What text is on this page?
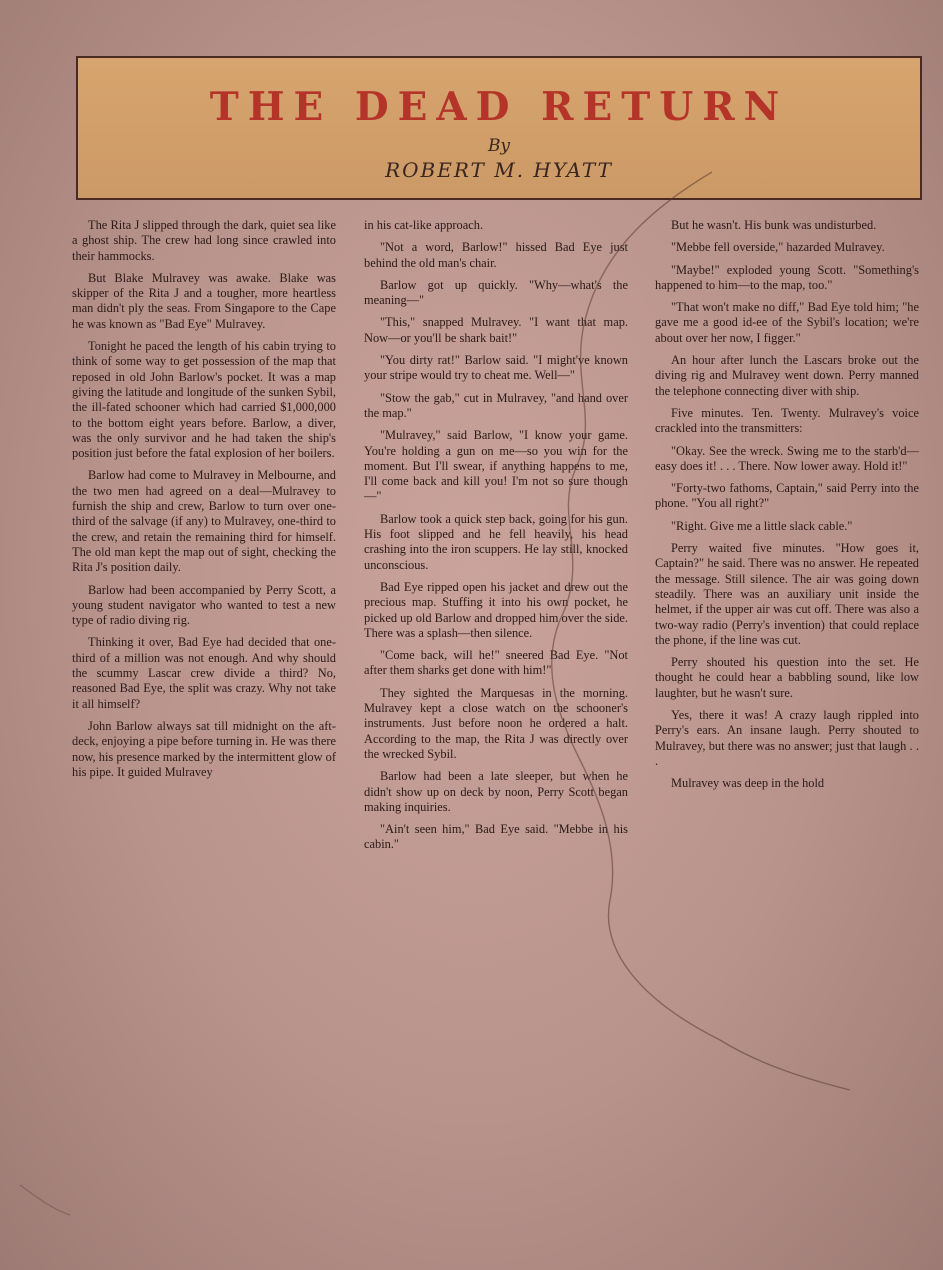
THE DEAD RETURN
By
ROBERT M. HYATT

The Rita J slipped through the dark, quiet sea like a ghost ship. The crew had long since crawled into their hammocks.

But Blake Mulravey was awake. Blake was skipper of the Rita J and a tougher, more heartless man didn't ply the seas. From Singapore to the Cape he was known as "Bad Eye" Mulravey.

Tonight he paced the length of his cabin trying to think of some way to get possession of the map that reposed in old John Barlow's pocket. It was a map giving the latitude and longitude of the sunken Sybil, the ill-fated schooner which had carried $1,000,000 to the bottom eight years before. Barlow, a diver, was the only survivor and he had taken the ship's position just before the fatal explosion of her boilers.

Barlow had come to Mulravey in Melbourne, and the two men had agreed on a deal—Mulravey to furnish the ship and crew, Barlow to turn over one-third of the salvage (if any) to Mulravey, one-third to the crew, and retain the remaining third for himself. The old man kept the map out of sight, checking the Rita J's position daily.

Barlow had been accompanied by Perry Scott, a young student navigator who wanted to test a new type of radio diving rig.

Thinking it over, Bad Eye had decided that one-third of a million was not enough. And why should the scummy Lascar crew divide a third? No, reasoned Bad Eye, the split was crazy. Why not take it all himself?

John Barlow always sat till midnight on the aft-deck, enjoying a pipe before turning in. He was there now, his presence marked by the intermittent glow of his pipe. It guided Mulravey

in his cat-like approach.

"Not a word, Barlow!" hissed Bad Eye just behind the old man's chair.

Barlow got up quickly. "Why—what's the meaning—"

"This," snapped Mulravey. "I want that map. Now—or you'll be shark bait!"

"You dirty rat!" Barlow said. "I might've known your stripe would try to cheat me. Well—"

"Stow the gab," cut in Mulravey, "and hand over the map."

"Mulravey," said Barlow, "I know your game. You're holding a gun on me—so you win for the moment. But I'll swear, if anything happens to me, I'll come back and kill you! I'm not so sure though—"

Barlow took a quick step back, going for his gun. His foot slipped and he fell heavily, his head crashing into the iron scuppers. He lay still, knocked unconscious.

Bad Eye ripped open his jacket and drew out the precious map. Stuffing it into his own pocket, he picked up old Barlow and dropped him over the side. There was a splash—then silence.

"Come back, will he!" sneered Bad Eye. "Not after them sharks get done with him!"

They sighted the Marquesas in the morning. Mulravey kept a close watch on the schooner's instruments. Just before noon he ordered a halt. According to the map, the Rita J was directly over the wrecked Sybil.

Barlow had been a late sleeper, but when he didn't show up on deck by noon, Perry Scott began making inquiries.

"Ain't seen him," Bad Eye said. "Mebbe in his cabin."

But he wasn't. His bunk was undisturbed.

"Mebbe fell overside," hazarded Mulravey.

"Maybe!" exploded young Scott. "Something's happened to him—to the map, too."

"That won't make no diff," Bad Eye told him; "he gave me a good id-ee of the Sybil's location; we're about over her now, I figger."

An hour after lunch the Lascars broke out the diving rig and Mulravey went down. Perry manned the telephone connecting diver with ship.

Five minutes. Ten. Twenty. Mulravey's voice crackled into the transmitters:

"Okay. See the wreck. Swing me to the starb'd—easy does it! . . . There. Now lower away. Hold it!"

"Forty-two fathoms, Captain," said Perry into the phone. "You all right?"

"Right. Give me a little slack cable."

Perry waited five minutes. "How goes it, Captain?" he said. There was no answer. He repeated the message. Still silence. The air was going down steadily. There was an auxiliary unit inside the helmet, if the upper air was cut off. There was also a two-way radio (Perry's invention) that could replace the phone, if the line was cut.

Perry shouted his question into the set. He thought he could hear a babbling sound, like low laughter, but he wasn't sure.

Yes, there it was! A crazy laugh rippled into Perry's ears. An insane laugh. Perry shouted to Mulravey, but there was no answer; just that laugh . . .

Mulravey was deep in the hold
